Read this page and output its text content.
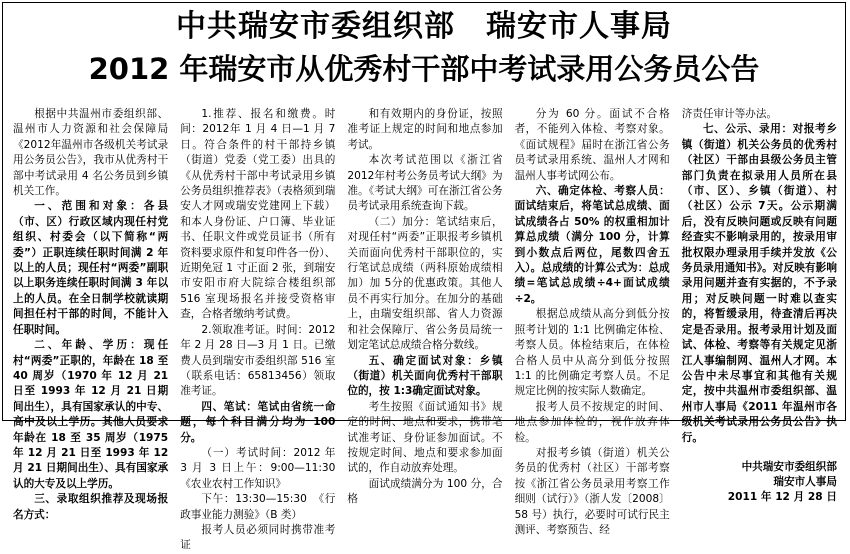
中共瑞安市委组织部　瑞安市人事局
2012 年瑞安市从优秀村干部中考试录用公务员公告

根据中共温州市委组织部、温州市人力资源和社会保障局《2012年温州市各级机关考试录用公务员公告》，我市从优秀村干部中考试录用 4 名公务员到乡镇机关工作。

一、范围和对象：各县（市、区）行政区域内现任村党组织、村委会（以下简称“两委”）正职连续任职时间满 2 年以上的人员；现任村“两委”副职以上职务连续任职时间满 3 年以上的人员。在全日制学校就读期间担任村干部的时间，不能计入任职时间。

二、年龄、学历：现任村“两委”正职的，年龄在 18 至 40 周岁（1970 年 12 月 21 日至 1993 年 12 月 21 日期间出生），具有国家承认的中专、高中及以上学历。其他人员要求年龄在 18 至 35 周岁（1975年 12 月 21 日至 1993 年 12 月 21 日期间出生）、具有国家承认的大专及以上学历。

三、录取组织推荐及现场报名方式：

1.推荐、报名和缴费。时间：2012年 1 月 4 日—1 月 7 日。符合条件的村干部持乡镇（街道）党委（党工委）出具的《从优秀村干部中考试录用乡镇公务员组织推荐表》（表格须到瑞安人才网或瑞安党建网上下载）和本人身份证、户口簿、毕业证书、任职文件或党员证书（所有资料要求原件和复印件各一份）、近期免冠 1 寸正面 2 张，到瑞安市安阳市府大院综合楼组织部 516 室现场报名并接受资格审查，合格者缴纳考试费。

2.领取准考证。时间：2012 年 2 月 28 日—3 月 1 日。已缴费人员到瑞安市委组织部 516 室（联系电话：65813456）领取准考证。

四、笔试：笔试由省统一命题，每个科目满分均为 100 分。

（一）考试时间：2012 年 3 月 3 日上午：9:00—11:30《农业农村工作知识》

下午：13:30—15:30　《行政事业能力测验》（B 类）

报考人员必须同时携带准考证

和有效期内的身份证，按照准考证上规定的时间和地点参加考试。

本次考试范围以《浙江省 2012年村考公务员考试大纲》为准。《考试大纲》可在浙江省公务员考试录用系统查询下载。

（二）加分：笔试结束后，对现任村“两委”正职报考乡镇机关而面向优秀村干部职位的，实行笔试总成绩（两科原始成绩相加）加 5分的优惠政策。其他人员不再实行加分。在加分的基础上，由瑞安组织部、省人力资源和社会保障厅、省公务员局统一划定笔试总成绩合格分数线。

五、确定面试对象：乡镇（街道）机关面向优秀村干部职位的，按 1:3确定面试对象。

考生按照《面试通知书》规定的时间、地点和要求，携带笔试准考证、身份证参加面试。不按规定时间、地点和要求参加面试的，作自动放弃处理。

面试成绩满分为 100 分，合格

分为 60 分。面试不合格者，不能列入体检、考察对象。《面试规程》届时在浙江省公务员考试录用系统、温州人才网和温州人事考试网公布。

六、确定体检、考察人员：面试结束后，将笔试总成绩、面试成绩各占 50% 的权重相加计算总成绩（满分 100 分，计算到小数点后两位，尾数四舍五入）。总成绩的计算公式为：总成绩=笔试总成绩÷4+面试成绩÷2。

根据总成绩从高分到低分按照考计划的 1:1 比例确定体检、考察人员。体检结束后，在体检合格人员中从高分到低分按照 1:1 的比例确定考察人员。不足规定比例的按实际人数确定。

报考人员不按规定的时间、地点参加体检的，视作放弃体检。

对报考乡镇（街道）机关公务员的优秀村（社区）干部考察按《浙江省公务员录用考察工作细则（试行）》（浙人发〔2008〕58 号）执行，必要时可试行民主测评、考察预告、经

济责任审计等办法。

七、公示、录用：对报考乡镇（街道）机关公务员的优秀村（社区）干部由县级公务员主管部门负责在拟录用人员所在县（市、区）、乡镇（街道）、村（社区）公示 7天。公示期满后，没有反映问题或反映有问题经查实不影响录用的，按录用审批权限办理录用手续并发放《公务员录用通知书》。对反映有影响录用问题并查有实据的，不予录用；对反映问题一时难以查实的，将暂缓录用，待查清后再决定是否录用。报考录用计划及面试、体检、考察等有关规定见浙江人事编制网、温州人才网。本公告中未尽事宜和其他有关规定，按中共温州市委组织部、温州市人事局《2011 年温州市各级机关考试录用公务员公告》执行。

中共瑞安市委组织部
瑞安市人事局
2011 年 12 月 28 日
